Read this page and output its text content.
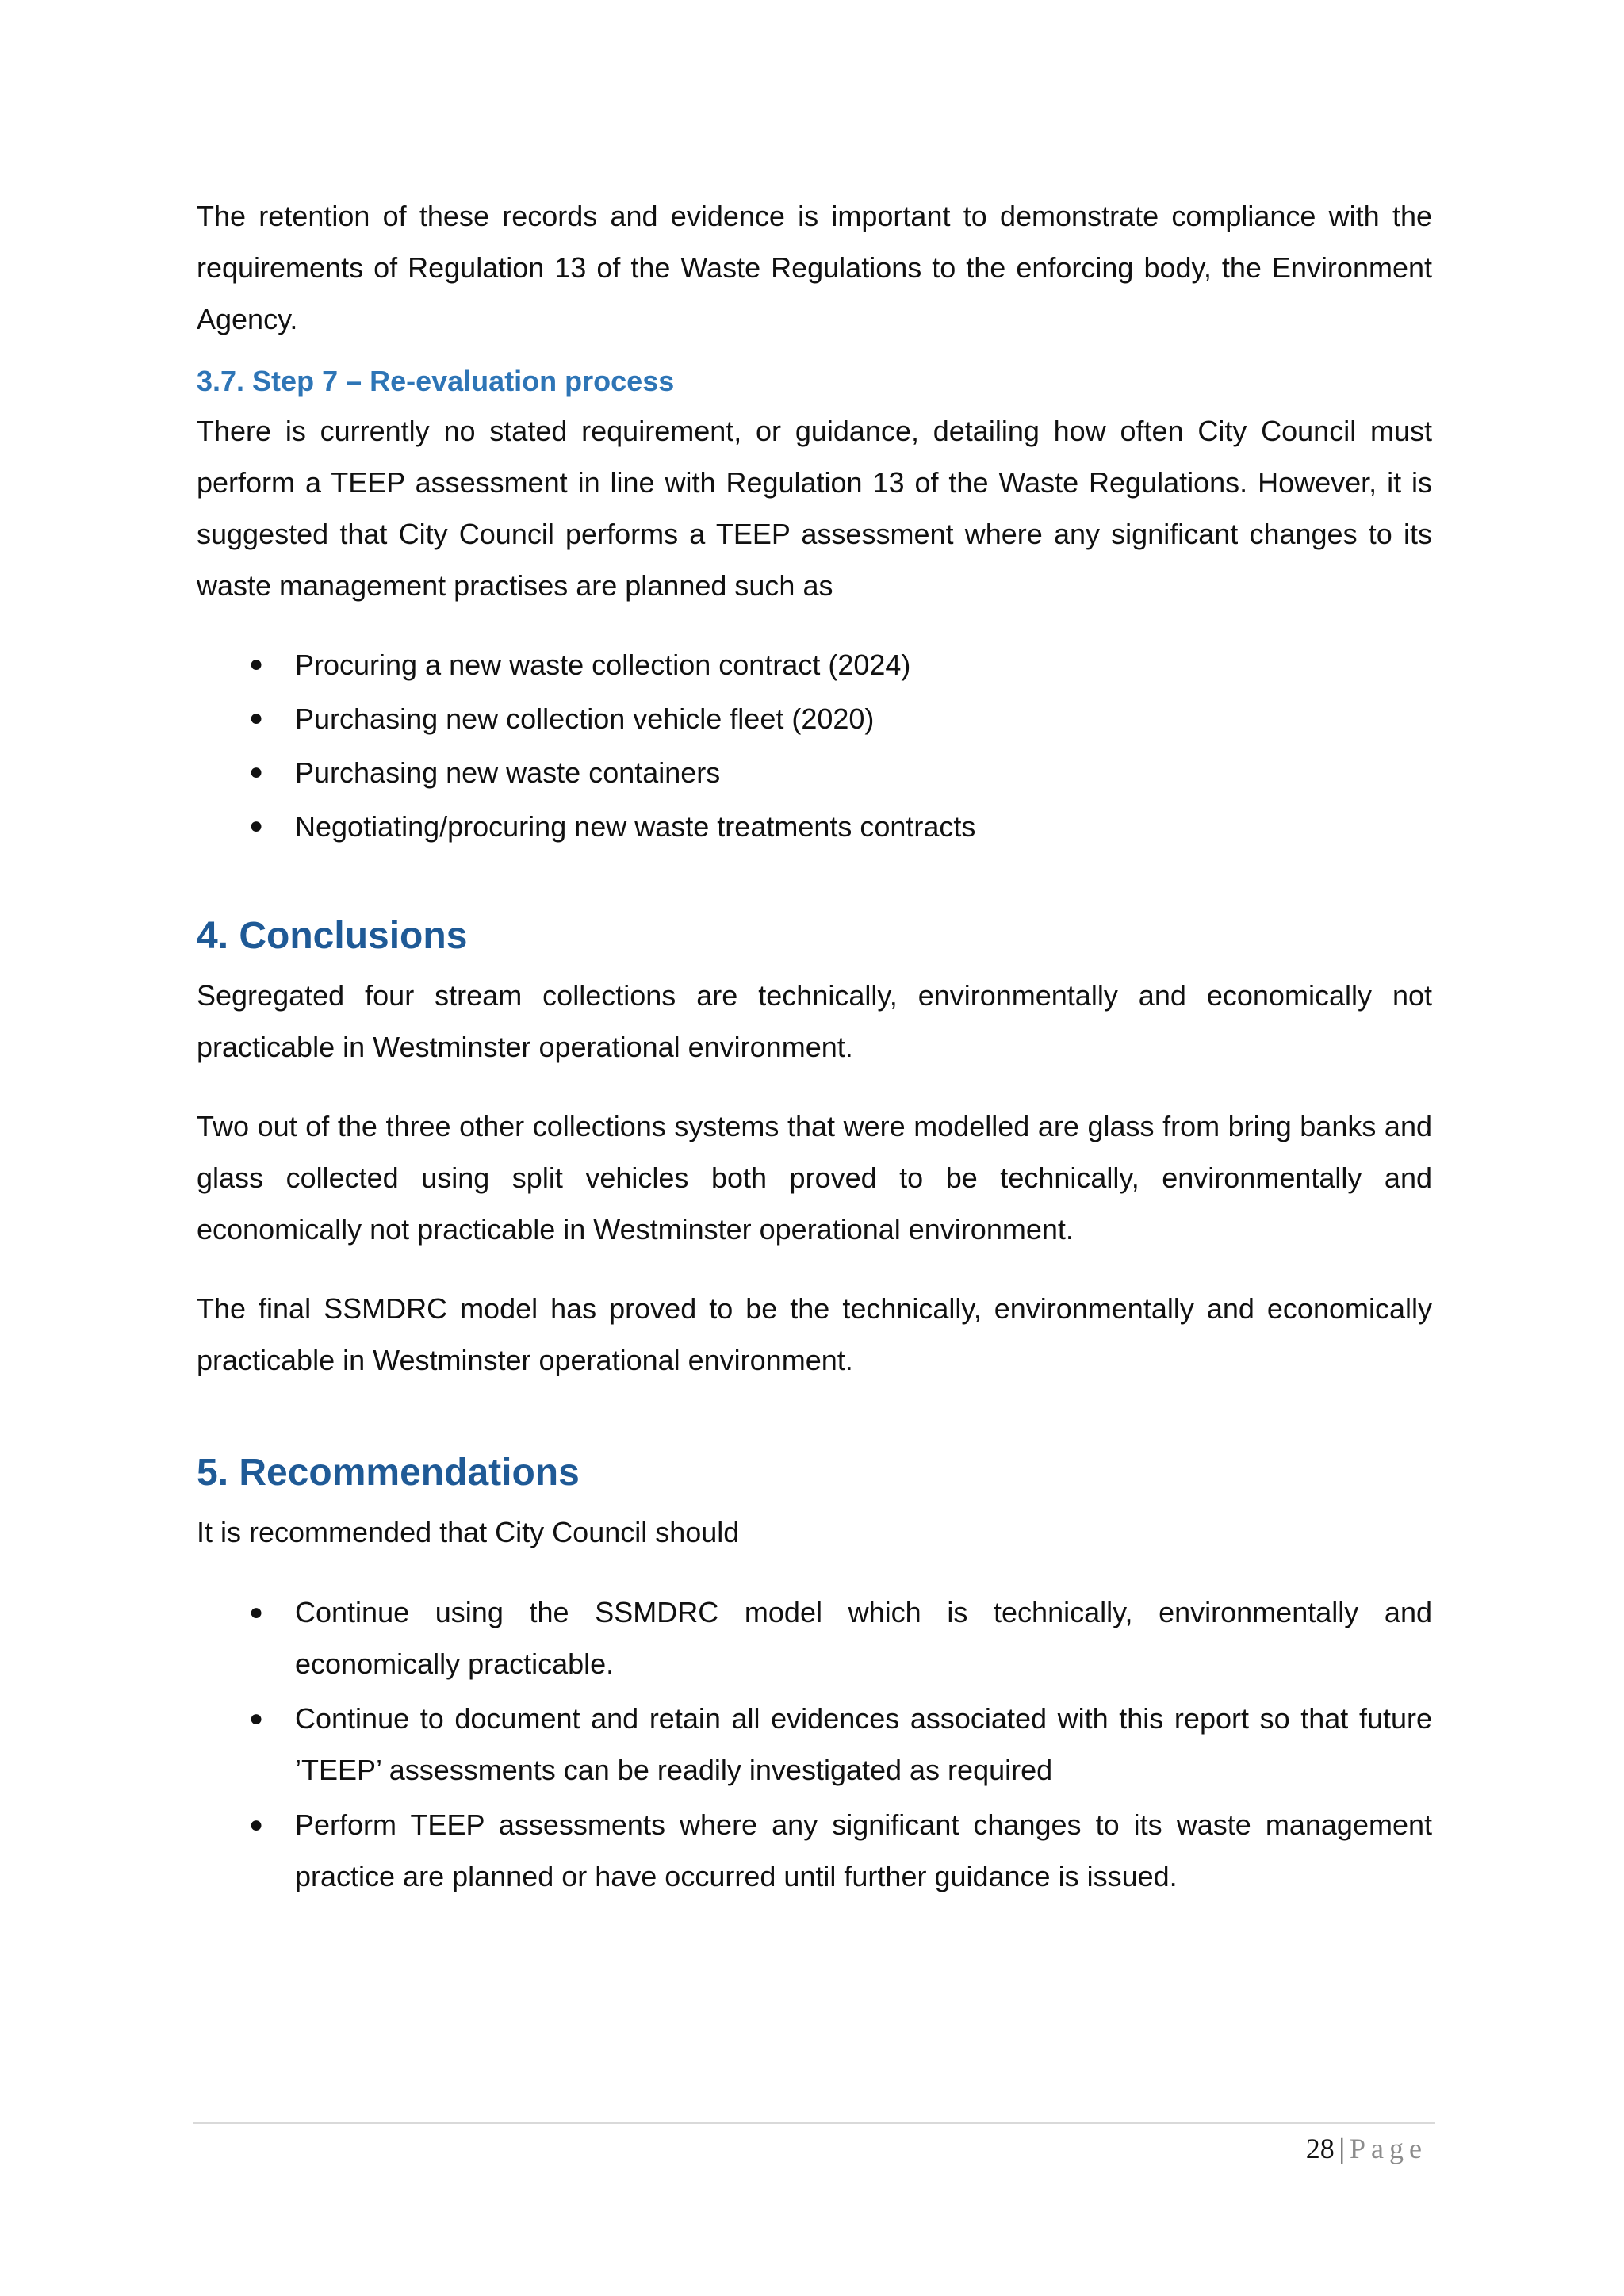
The retention of these records and evidence is important to demonstrate compliance with the requirements of Regulation 13 of the Waste Regulations to the enforcing body, the Environment Agency.

3.7. Step 7 – Re-evaluation process

There is currently no stated requirement, or guidance, detailing how often City Council must perform a TEEP assessment in line with Regulation 13 of the Waste Regulations. However, it is suggested that City Council performs a TEEP assessment where any significant changes to its waste management practises are planned such as

● Procuring a new waste collection contract (2024)
● Purchasing new collection vehicle fleet (2020)
● Purchasing new waste containers
● Negotiating/procuring new waste treatments contracts
4. Conclusions

Segregated four stream collections are technically, environmentally and economically not practicable in Westminster operational environment.

Two out of the three other collections systems that were modelled are glass from bring banks and glass collected using split vehicles both proved to be technically, environmentally and economically not practicable in Westminster operational environment.

The final SSMDRC model has proved to be the technically, environmentally and economically practicable in Westminster operational environment.

5. Recommendations

It is recommended that City Council should

● Continue using the SSMDRC model which is technically, environmentally and economically practicable.
● Continue to document and retain all evidences associated with this report so that future ’TEEP’ assessments can be readily investigated as required
● Perform TEEP assessments where any significant changes to its waste management practice are planned or have occurred until further guidance is issued.
28 | Page
